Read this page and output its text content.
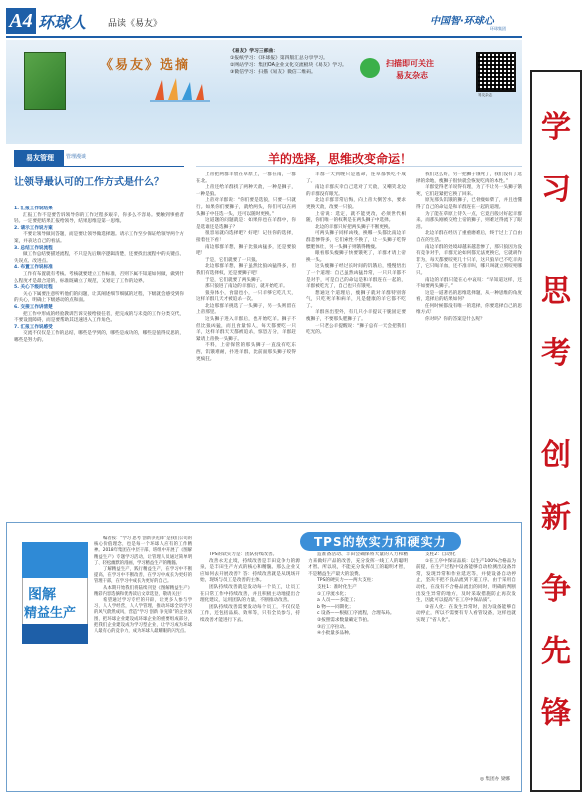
A4 环球人 品读《易友》	中国智·环球心
环球集团
《易友》选摘
《易友》学习三部曲：
①报纸学习：《环球报》第四版汇总分享学习。
②网站学习：集团OA企业文化交流板块《易友》学习。
③微信学习：扫描《易友》微信二维码。
扫描即可关注
易友杂志
易友杂志
易友管理	管理漫谈
让领导最认可的工作方式是什么？

1. 汇报工作说结果

汇报工作不是要告诉领导你的工作过程多艰辛，你多么不容易。要触到事重者轻。一定要把结果汇报给领导，结果思维是第一思维。

2. 请示工作说方案

不要让领导做问答题，而是要让领导做选择题。请示工作至少保证给领导两个方案，并表达自己的看法。

3. 总结工作说流程

做工作总结要描述流程，不只是先后顺序逻辑清楚，还要找出流程中的关键点、失误点、改进点。

4. 布置工作说标准

工作有布置就有考核。考核就要建立工作标准，否则下属不知道如何做，做到什么程度才是最合适的，标准既确立了规范，又划定了工作的边界。

5. 关心下级问过程

关心下属要注意听听他们的问题，让其阐述细节细腻的过程，下级就会感受到你的关心，明确上下级感动的点和面。

6. 交接工作讲清楚

把工作中形成的经验教训告诉交接给接任者，把完成的与未竟的工作分类交代，不要设置障碍，而是要帮助其迅速进入工作角色。

7. 汇报工作说感受

交流不仅仅是工作的总结，哪些是学到的，哪些是成功的，哪些是值得反思的，哪些是努力的。

羊的选择，思维改变命运！

上帝把两群羊放在草原上，一群在南，一群在北。

上帝还给羊群找了两种天敌，一种是狮子，一种是狼。

上帝对羊群说：“你们要是选狼，只要一只就行。如果你们要狮子，就给两头，你们可以在两头狮子中任选一头，还可以随时更换。”

这道题的问题就是：如果你也在羊群中，你是选谁还是选狮子？

很容易就向选择吧？好吧！记住你的选择，接着往下看！

南边那群羊想，狮子比狼凶猛多，还是要狼吧！

于是，它们就要了一只狼。

北边那群羊想，狮子虽然比狼凶猛得多，但我们有选择权，还是要狮子吧！

于是，它们就要了两头狮子。

那只狼进了南边的羊群后，就开始吃羊。

狼身体小，食量也小，一只羊够它吃几天，这样羊群几天才被追杀一次。

北边那群羊挑选了一头狮子，另一头则留在上帝那里。

这头狮子进入羊群后，也开始吃羊。狮子不但比狼凶猛，而且食量惊人，每天都要吃一只羊，这样羊群天天都被追杀，惊恐万分，羊群赶紧请上帝换一头狮子。

不料，上帝保管的那头狮子一直没有吃东西，饥饿难耐，扑进羊群，比前面那头狮子咬得更疯狂。

羊群一天到晚只是逃命，连草都快吃不成了。

南边羊群庆幸自己选对了天敌，又嘲笑北边的羊群没有眼光。

北边羊群非常后悔，向上帝大倒苦水，要求更换天敌，改要一只狼。

上帝说：选定，就不能更改，必须世代相随，你们唯一的权利是在两头狮子中选择。

北边的羊群只好把两头狮子不断更换。

可两头狮子同样凶残，换哪一头都比南边羊群悲惨得多，它们索性不换了，让一头狮子吃得膘肥体壮，另一头狮子则饿得精瘦。

眼看那头瘦狮子快要饿死了，羊群才请上帝换一头。

这头瘦狮子经过长时间的饥饿后，慢慢悟出了一个道理：自己虽然凶猛异常，一只只羊都不是对手，可是自己的命运是和羊群连在一起的，羊群被吃光了，自己也只有饿死。

想通这个道理后，瘦狮子就对羊群特别客气，只吃死羊和病羊，凡是健康的羊它都不吃了。

羊群喜出望外，有几只小羊提议干脆固定要瘦狮子，不要那头肥狮子了。

一只老公羊提醒说：“狮子总有一天会把我们吃光的。

我们这么好，另一把狮子饿死了，我们没有了选择的余地，瘦狮子很快就会恢复吃肉的本性。”

羊群觉得老羊说得有理，为了不让另一头狮子饿死，它们赶紧把它换了回来。

原先那头饥饿的狮子，已骨瘦如柴了，并且也懂得了自己的命运是和羊群连在一起的道理。

为了能在草原上待久一点，它竟百般讨好起羊群来。而那头刚被交给上帝的狮子，则难过得流下了眼泪。

北边羊群在经历了重重磨难后，终于过上了自由自在的生活。

南边羊群的处境却越来越悲惨了，那只狼因为没有竞争对手，羊群无论如何都无法更换它，它就胡作非为，每天都要咬死几十只羊，这只狼早已不吃羊肉了，它只喝羊血，还不准羊叫，哪只叫就立刻咬死哪只。

南边的羊群只能在心中哀叹：“早知道这样，还不如要两头狮子。”

这是一道著名的思维选择题，从一种思维的角度看，选择后的结果如何？

任何时候都没有唯一的选择，你要选择自己的思维方式！

你对吗？你的答案是什么呢？

学
习
思
考
创
新
争
先
锋
图解
精益生产

编者按：“学习 思考 创新争先锋”是我们公司的核心价值理念，也是每一个环球人应有的工作精神。2018年集团在中层干部、班组中开展了《图解精益生产》专题学习活动，让管理人员通过简单明了、轻松幽默的漫画，学习精益生产的精髓。

了解精益生产，践行精益生产，在学习中不断提高，在学习中不断改善，在学习中成长为更好的管理干部，在学习中成长为更好的自己。

从本期开始我们将陆续刊登《图解精益生产》精彩内容选摘和优秀读后文章选登，敬请关注！

希望通过学习专栏的开辟，让更多人参与学习，人人学经营，人人学管理，推动环球全员学习的风气蔚然成风，营造“学习 创新 争先锋”的企业氛围，把环球企业建设成环球企业的重要组成部分，把我们企业建设成为学习型企业，让学习成为环球人最有心的竞争力，成为环球人最耀眼的闪光点。

TPS的软实力和硬实力

TPS的软实力是：团队持续改善。

改善永无止境，持续改善是丰田竞争力的源泉，是丰田生产方式的核心和精髓。那么企业又应如何去开展改善？答：持续改善就是从现场开始，现场与员工是改善的主体。

团队持续改善就是发动每一个员工，让员工在日常工作中持续改善，并且积极主动地提出合理化建议，运用团队的力量，不断推动改善。

团队持续改善需要发动每个员工，不仅仅是工作，还包括品质、效率等，只有全员参与，持续改善才能进行下去。

造准备活动、丰田会确保将大量的人力和精力来做好产品的改善，充分发挥一线工人的聪明才智。所以说，不能充分发挥员工的聪明才智，不是精益生产最大的浪费。

TPS的硬实力——两大支柱：

支柱1：准时化生产

①工序流水化；

a 人员——多能工；

b 物——同期化；

c 设备——根据工序流程，合理布局。

②按照需求数量确定节拍。

③后工序拉动。

④小批量多品种。

支柱2：自动化

①在工序中保证品质：以生产100%合格品为前提，在生产过程中设备能够自动检测出设备异常，发现异常和作业延迟等，并使设备自动停止，坚决不把不良品流到下道工序。由于采用自动化，在没有不合格品流出的同时，明确的判断出发生异常的地方，及时采取措施防止再次发生，因此可以提高“在工序中保品质”。

②省人化：在发生异常时，因为设备能够自动停止，所以不需要有专人看管设备，这样也就实现了“省人化”。

◎ 集团办 梁娜
